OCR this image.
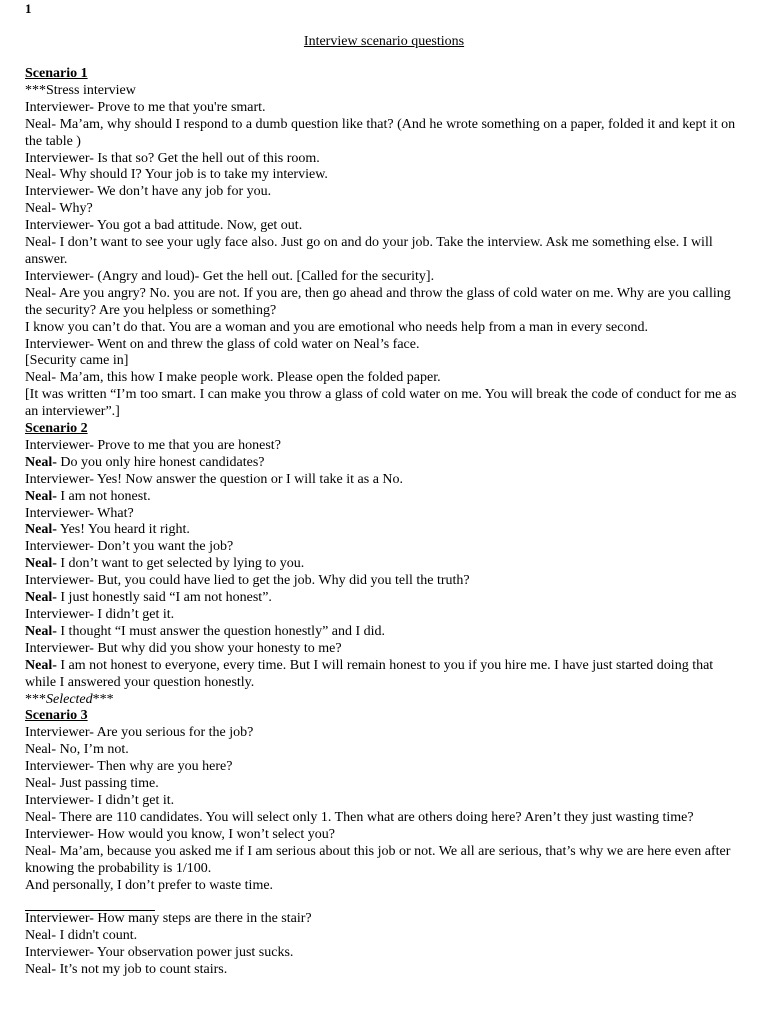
1
Interview scenario questions
Scenario 1
***Stress interview
Interviewer- Prove to me that you're smart.
Neal- Ma’am, why should I respond to a dumb question like that? (And he wrote something on a paper, folded it and kept it on the table )
Interviewer- Is that so? Get the hell out of this room.
Neal- Why should I? Your job is to take my interview.
Interviewer- We don’t have any job for you.
Neal- Why?
Interviewer- You got a bad attitude. Now, get out.
Neal- I don’t want to see your ugly face also. Just go on and do your job. Take the interview. Ask me something else. I will answer.
Interviewer- (Angry and loud)- Get the hell out. [Called for the security].
Neal- Are you angry? No. you are not. If you are, then go ahead and throw the glass of cold water on me. Why are you calling the security? Are you helpless or something?
I know you can’t do that. You are a woman and you are emotional who needs help from a man in every second.
Interviewer- Went on and threw the glass of cold water on Neal’s face.
[Security came in]
Neal- Ma’am, this how I make people work. Please open the folded paper.
[It was written “I’m too smart. I can make you throw a glass of cold water on me. You will break the code of conduct for me as an interviewer”.]
Scenario 2
Interviewer- Prove to me that you are honest?
Neal- Do you only hire honest candidates?
Interviewer- Yes! Now answer the question or I will take it as a No.
Neal- I am not honest.
Interviewer- What?
Neal- Yes! You heard it right.
Interviewer- Don’t you want the job?
Neal- I don’t want to get selected by lying to you.
Interviewer- But, you could have lied to get the job. Why did you tell the truth?
Neal- I just honestly said “I am not honest”.
Interviewer- I didn’t get it.
Neal- I thought “I must answer the question honestly” and I did.
Interviewer- But why did you show your honesty to me?
Neal- I am not honest to everyone, every time. But I will remain honest to you if you hire me. I have just started doing that while I answered your question honestly.
***Selected***
Scenario 3
Interviewer- Are you serious for the job?
Neal- No, I’m not.
Interviewer- Then why are you here?
Neal- Just passing time.
Interviewer- I didn’t get it.
Neal- There are 110 candidates. You will select only 1. Then what are others doing here? Aren’t they just wasting time?
Interviewer- How would you know, I won’t select you?
Neal- Ma’am, because you asked me if I am serious about this job or not. We all are serious, that’s why we are here even after knowing the probability is 1/100.
And personally, I don’t prefer to waste time.
Interviewer- How many steps are there in the stair?
Neal- I didn't count.
Interviewer- Your observation power just sucks.
Neal- It’s not my job to count stairs.
